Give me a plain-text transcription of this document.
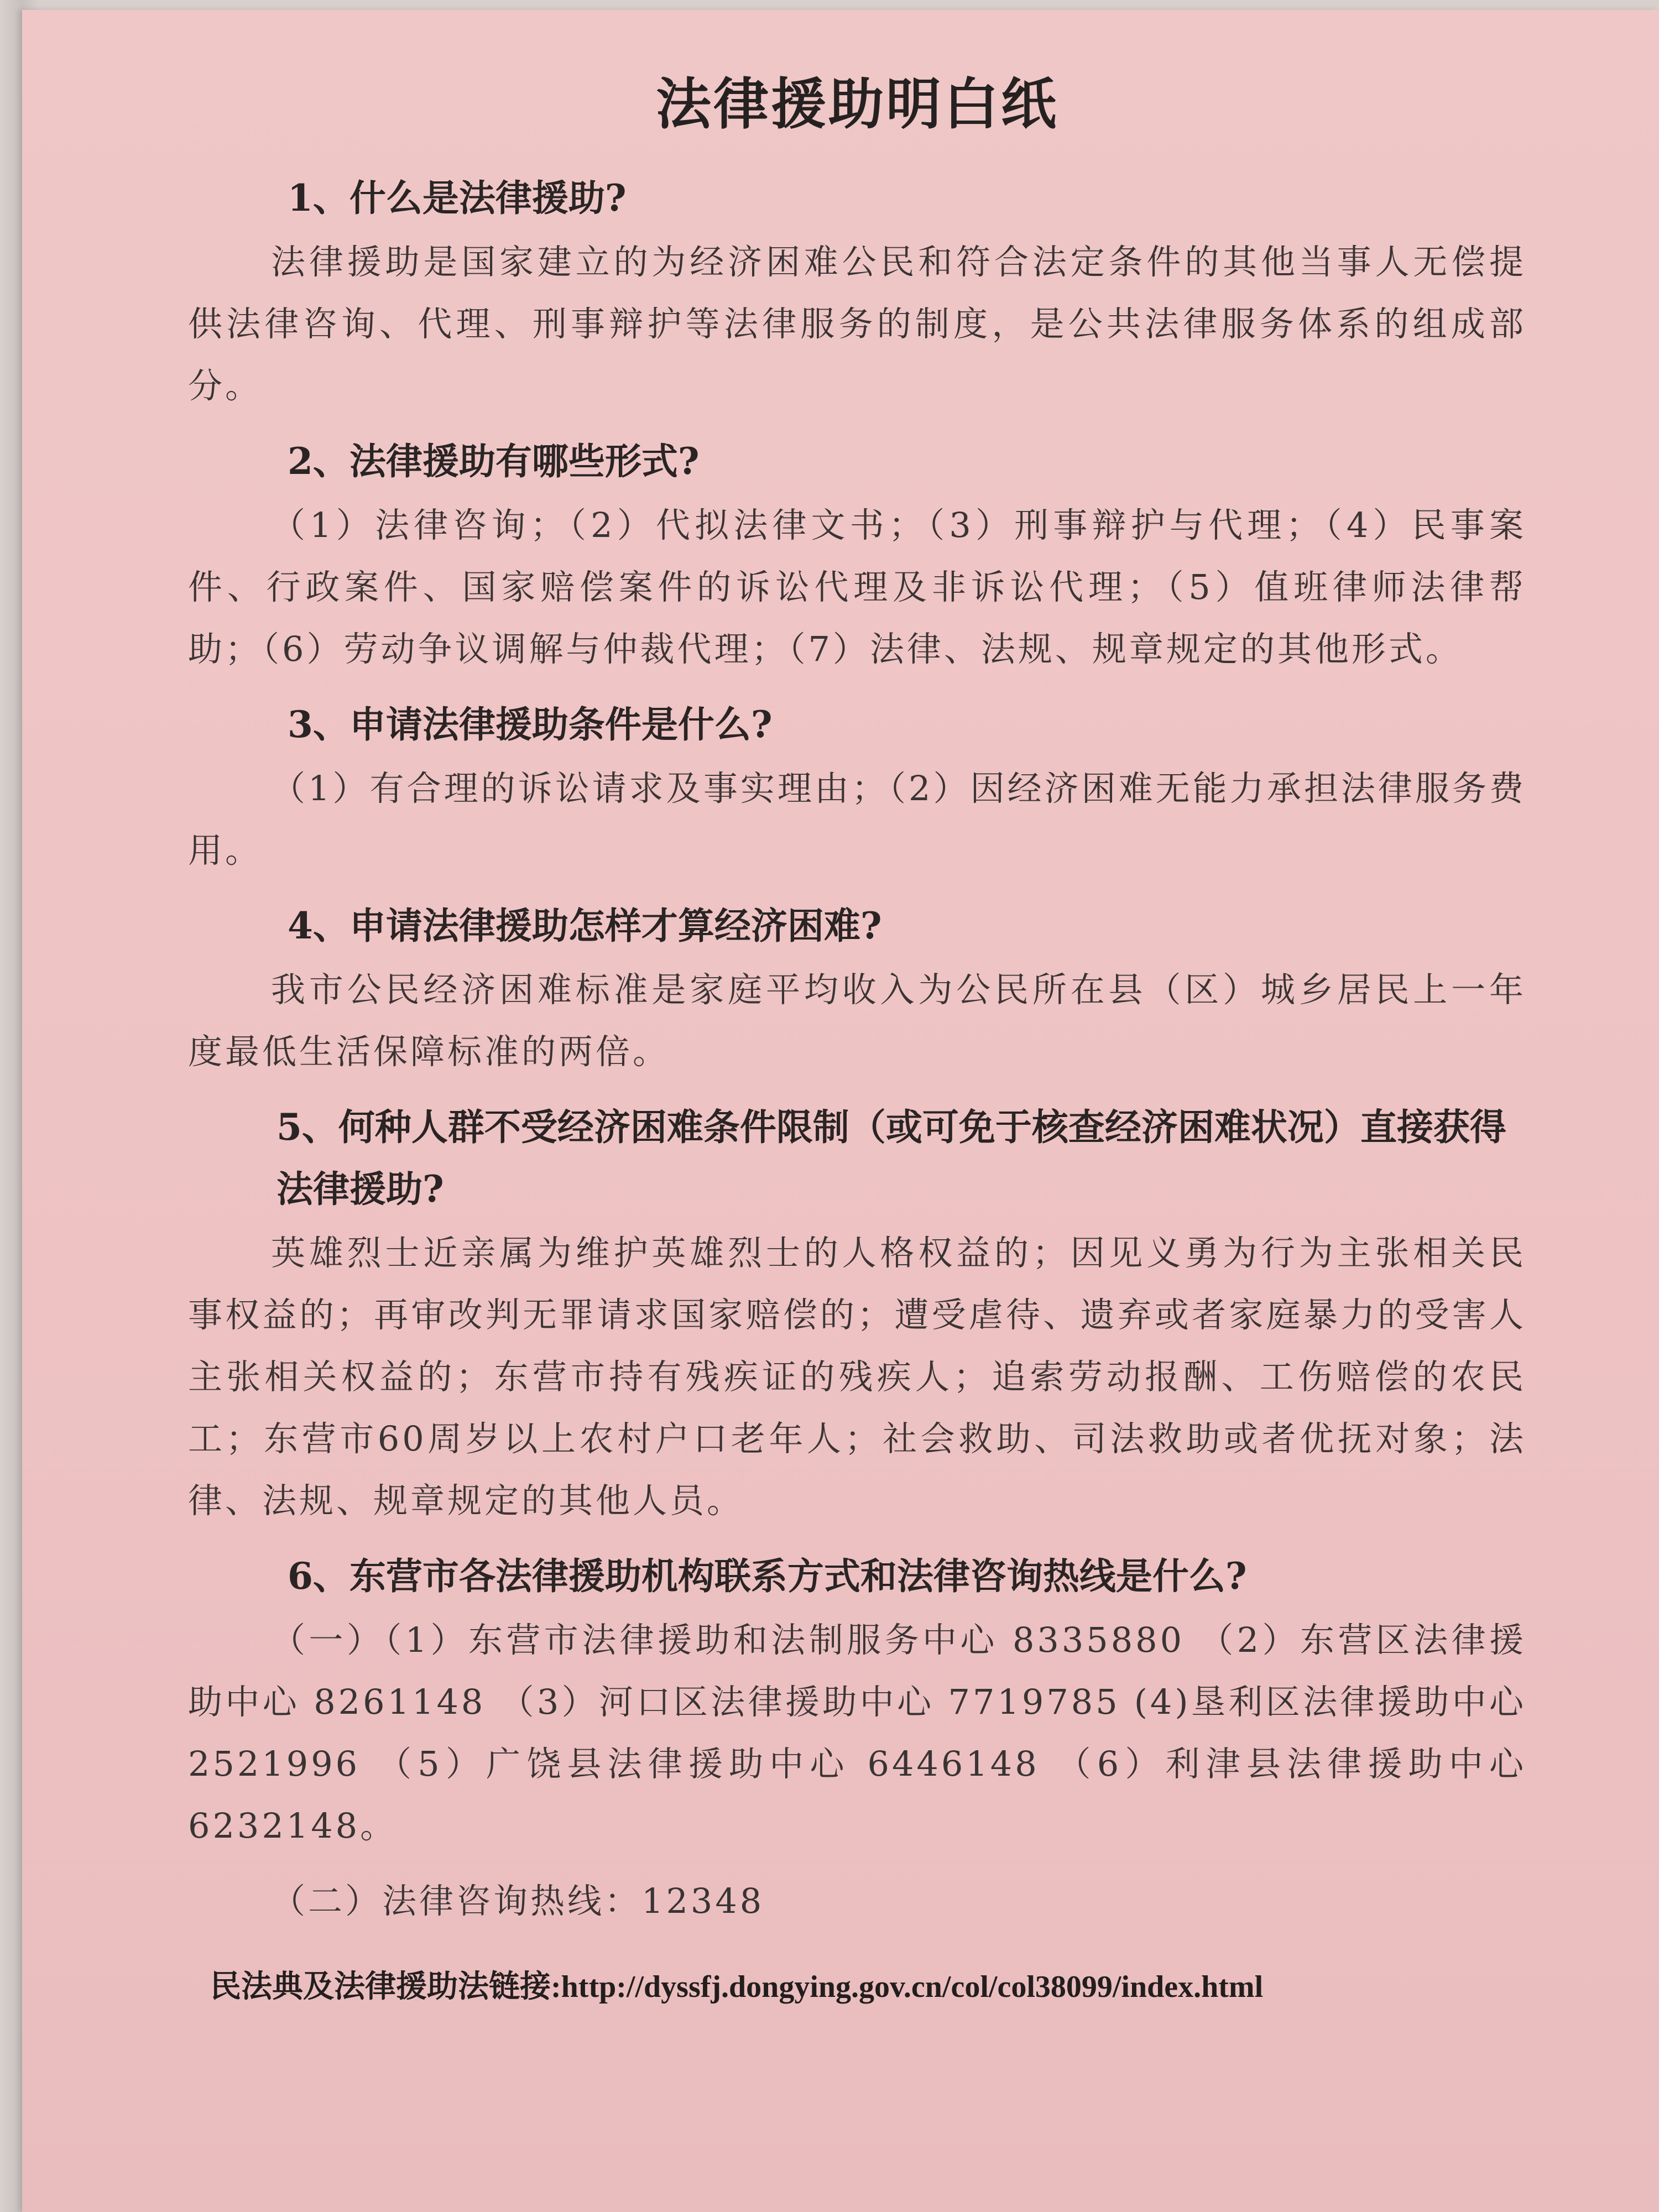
法律援助明白纸
1、什么是法律援助?
法律援助是国家建立的为经济困难公民和符合法定条件的其他当事人无偿提供法律咨询、代理、刑事辩护等法律服务的制度，是公共法律服务体系的组成部分。
2、法律援助有哪些形式?
（1）法律咨询；（2）代拟法律文书；（3）刑事辩护与代理；（4）民事案件、行政案件、国家赔偿案件的诉讼代理及非诉讼代理；（5）值班律师法律帮助；（6）劳动争议调解与仲裁代理；（7）法律、法规、规章规定的其他形式。
3、申请法律援助条件是什么?
（1）有合理的诉讼请求及事实理由；（2）因经济困难无能力承担法律服务费用。
4、申请法律援助怎样才算经济困难?
我市公民经济困难标准是家庭平均收入为公民所在县（区）城乡居民上一年度最低生活保障标准的两倍。
5、何种人群不受经济困难条件限制（或可免于核查经济困难状况）直接获得法律援助?
英雄烈士近亲属为维护英雄烈士的人格权益的；因见义勇为行为主张相关民事权益的；再审改判无罪请求国家赔偿的；遭受虐待、遗弃或者家庭暴力的受害人主张相关权益的；东营市持有残疾证的残疾人；追索劳动报酬、工伤赔偿的农民工；东营市60周岁以上农村户口老年人；社会救助、司法救助或者优抚对象；法律、法规、规章规定的其他人员。
6、东营市各法律援助机构联系方式和法律咨询热线是什么?
（一）（1）东营市法律援助和法制服务中心 8335880 （2）东营区法律援助中心 8261148 （3）河口区法律援助中心 7719785 (4)垦利区法律援助中心 2521996 （5）广饶县法律援助中心 6446148 （6）利津县法律援助中心 6232148。
（二）法律咨询热线：12348
民法典及法律援助法链接:http://dyssfj.dongying.gov.cn/col/col38099/index.html
